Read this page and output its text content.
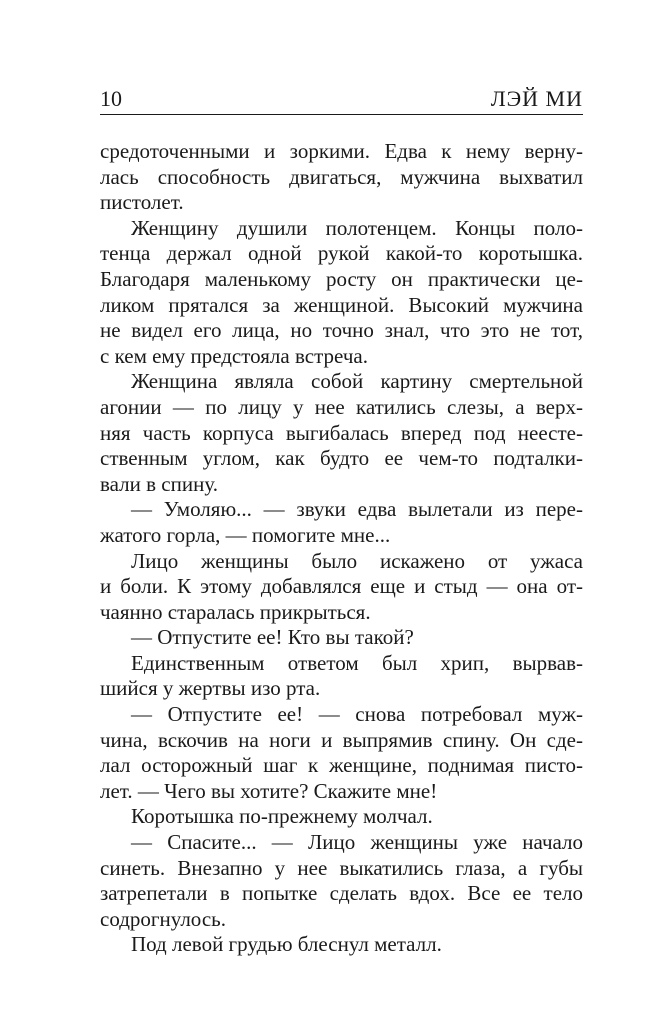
10	ЛЭЙ МИ
средоточенными и зоркими. Едва к нему верну-
лась способность двигаться, мужчина выхватил
пистолет.
Женщину душили полотенцем. Концы поло-
тенца держал одной рукой какой-то коротышка.
Благодаря маленькому росту он практически це-
ликом прятался за женщиной. Высокий мужчина
не видел его лица, но точно знал, что это не тот,
с кем ему предстояла встреча.
Женщина являла собой картину смертельной
агонии — по лицу у нее катились слезы, а верх-
няя часть корпуса выгибалась вперед под неесте-
ственным углом, как будто ее чем-то подталки-
вали в спину.
— Умоляю... — звуки едва вылетали из пере-
жатого горла, — помогите мне...
Лицо женщины было искажено от ужаса
и боли. К этому добавлялся еще и стыд — она от-
чаянно старалась прикрыться.
— Отпустите ее! Кто вы такой?
Единственным ответом был хрип, вырвав-
шийся у жертвы изо рта.
— Отпустите ее! — снова потребовал муж-
чина, вскочив на ноги и выпрямив спину. Он сде-
лал осторожный шаг к женщине, поднимая писто-
лет. — Чего вы хотите? Скажите мне!
Коротышка по-прежнему молчал.
— Спасите... — Лицо женщины уже начало
синеть. Внезапно у нее выкатились глаза, а губы
затрепетали в попытке сделать вдох. Все ее тело
содрогнулось.
Под левой грудью блеснул металл.
